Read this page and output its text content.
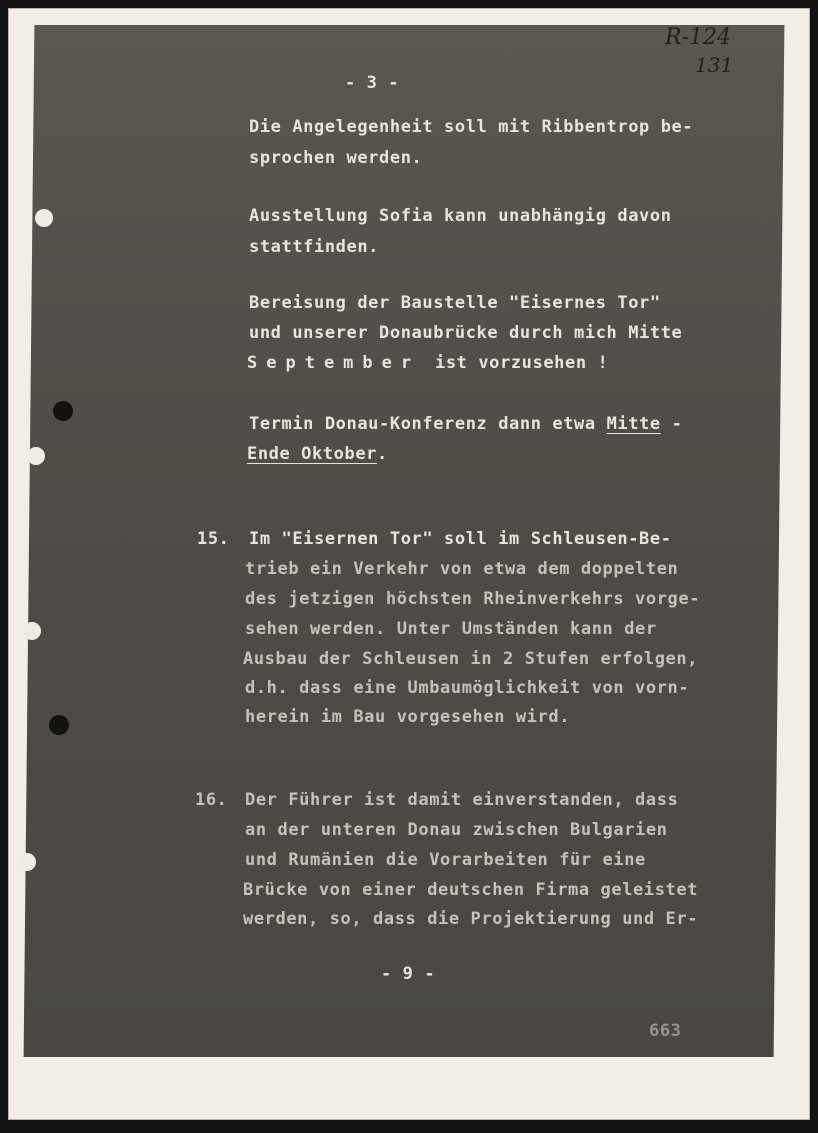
R-124
131
- 3 -
Die Angelegenheit soll mit Ribbentrop be-
sprochen werden.
Ausstellung Sofia kann unabhängig davon
stattfinden.
Bereisung der Baustelle "Eisernes Tor"
und unserer Donaubrücke durch mich Mitte
September ist vorzusehen !
Termin Donau-Konferenz dann etwa Mitte -
Ende Oktober.
15. Im "Eisernen Tor" soll im Schleusen-Be-
trieb ein Verkehr von etwa dem doppelten
des jetzigen höchsten Rheinverkehrs vorge-
sehen werden. Unter Umständen kann der
Ausbau der Schleusen in 2 Stufen erfolgen,
d.h. dass eine Umbaumöglichkeit von vorn-
herein im Bau vorgesehen wird.
16. Der Führer ist damit einverstanden, dass
an der unteren Donau zwischen Bulgarien
und Rumänien die Vorarbeiten für eine
Brücke von einer deutschen Firma geleistet
werden, so, dass die Projektierung und Er-
- 9 -
663
